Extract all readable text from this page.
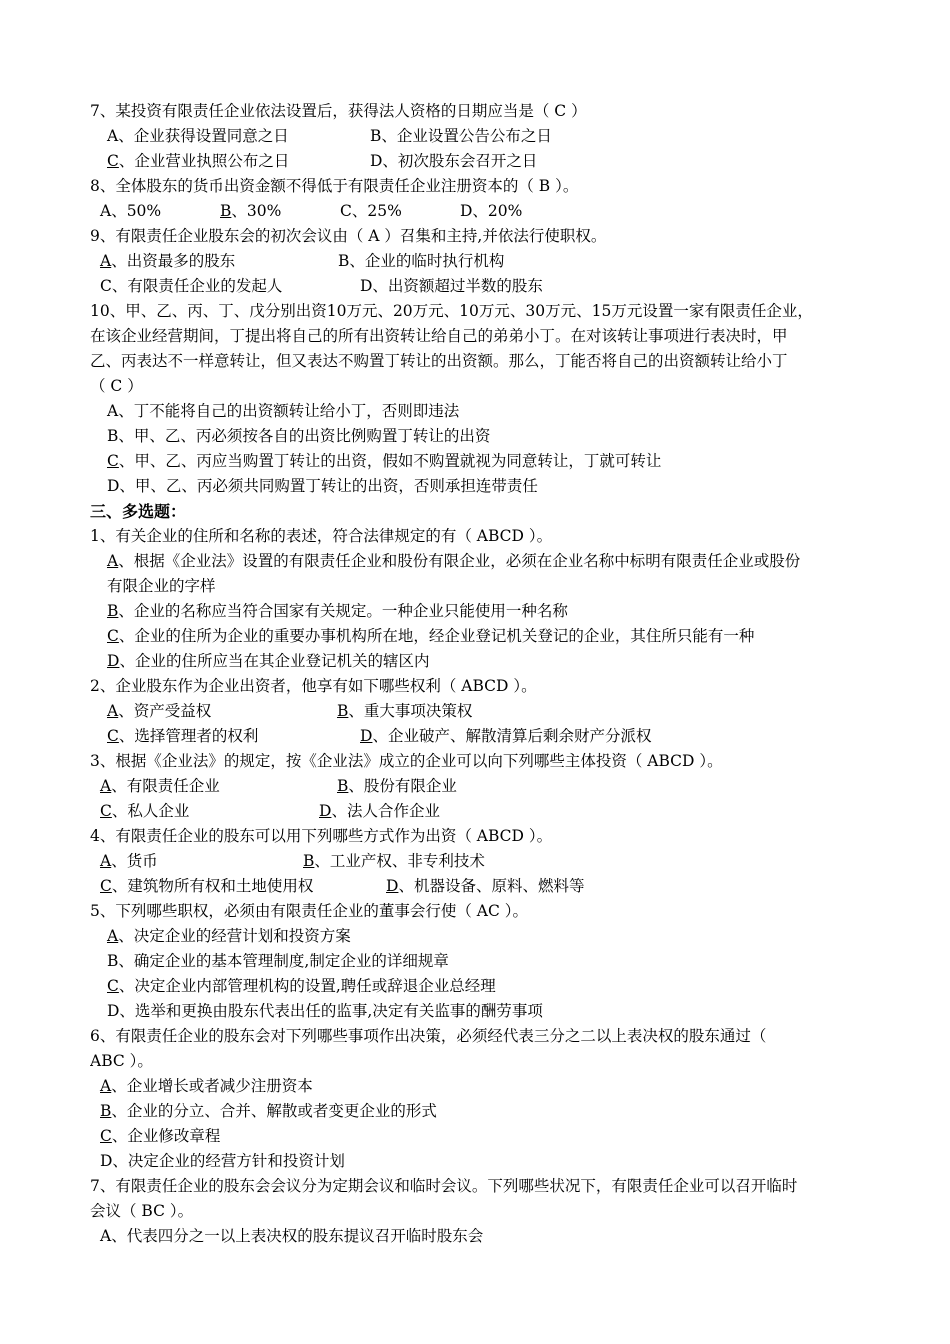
7、某投资有限责任企业依法设置后，获得法人资格的日期应当是（ C ）
A、企业获得设置同意之日	B、企业设置公告公布之日
C、企业营业执照公布之日	D、初次股东会召开之日
8、全体股东的货币出资金额不得低于有限责任企业注册资本的（ B ）。
A、50%	B、30%	C、25%	D、20%
9、有限责任企业股东会的初次会议由（ A ）召集和主持,并依法行使职权。
A、出资最多的股东	B、企业的临时执行机构
C、有限责任企业的发起人	D、出资额超过半数的股东
10、甲、乙、丙、丁、戊分别出资10万元、20万元、10万元、30万元、15万元设置一家有限责任企业，
在该企业经营期间，丁提出将自己的所有出资转让给自己的弟弟小丁。在对该转让事项进行表决时，甲
乙、丙表达不一样意转让，但又表达不购置丁转让的出资额。那么，丁能否将自己的出资额转让给小丁
（ C ）
A、丁不能将自己的出资额转让给小丁，否则即违法
B、甲、乙、丙必须按各自的出资比例购置丁转让的出资
C、甲、乙、丙应当购置丁转让的出资，假如不购置就视为同意转让，丁就可转让
D、甲、乙、丙必须共同购置丁转让的出资，否则承担连带责任
三、多选题：
1、有关企业的住所和名称的表述，符合法律规定的有（ ABCD ）。
A、根据《企业法》设置的有限责任企业和股份有限企业，必须在企业名称中标明有限责任企业或股份
有限企业的字样
B、企业的名称应当符合国家有关规定。一种企业只能使用一种名称
C、企业的住所为企业的重要办事机构所在地，经企业登记机关登记的企业，其住所只能有一种
D、企业的住所应当在其企业登记机关的辖区内
2、企业股东作为企业出资者，他享有如下哪些权利（ ABCD ）。
A、资产受益权	B、重大事项决策权
C、选择管理者的权利	D、企业破产、解散清算后剩余财产分派权
3、根据《企业法》的规定，按《企业法》成立的企业可以向下列哪些主体投资（ ABCD ）。
A、有限责任企业	B、股份有限企业
C、私人企业	D、法人合作企业
4、有限责任企业的股东可以用下列哪些方式作为出资（ ABCD ）。
A、货币	B、工业产权、非专利技术
C、建筑物所有权和土地使用权	D、机器设备、原料、燃料等
5、下列哪些职权，必须由有限责任企业的董事会行使（ AC ）。
A、决定企业的经营计划和投资方案
B、确定企业的基本管理制度,制定企业的详细规章
C、决定企业内部管理机构的设置,聘任或辞退企业总经理
D、选举和更换由股东代表出任的监事,决定有关监事的酬劳事项
6、有限责任企业的股东会对下列哪些事项作出决策，必须经代表三分之二以上表决权的股东通过（
ABC ）。
A、企业增长或者减少注册资本
B、企业的分立、合并、解散或者变更企业的形式
C、企业修改章程
D、决定企业的经营方针和投资计划
7、有限责任企业的股东会会议分为定期会议和临时会议。下列哪些状况下，有限责任企业可以召开临时
会议（ BC ）。
A、代表四分之一以上表决权的股东提议召开临时股东会
